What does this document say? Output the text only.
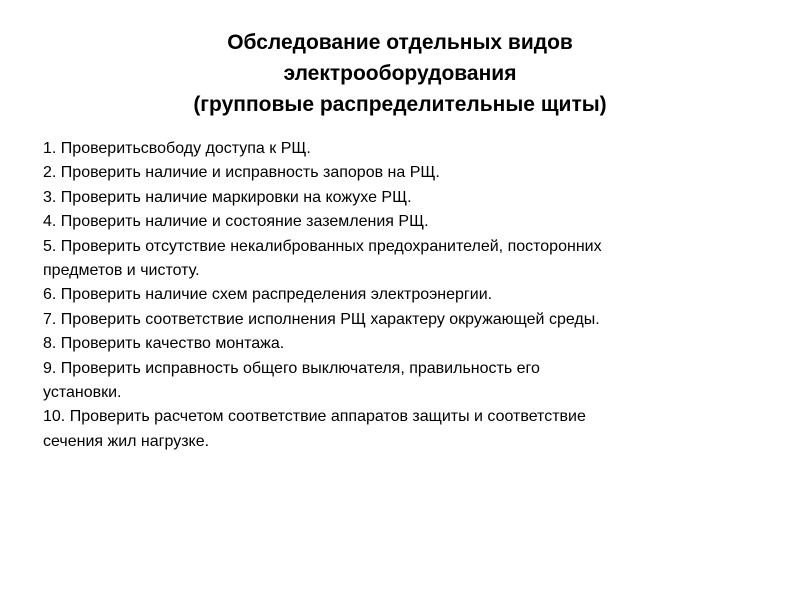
Обследование отдельных видов
электрооборудования
(групповые распределительные щиты)
1. Проверитьсвободу доступа к РЩ.
2. Проверить наличие и исправность запоров на РЩ.
3. Проверить наличие маркировки на кожухе РЩ.
4. Проверить наличие и состояние заземления РЩ.
5. Проверить отсутствие некалиброванных предохранителей, посторонних
предметов и чистоту.
6. Проверить наличие схем распределения электроэнергии.
7. Проверить соответствие исполнения РЩ характеру окружающей среды.
8. Проверить качество монтажа.
9. Проверить исправность общего выключателя, правильность его
установки.
10. Проверить расчетом соответствие аппаратов защиты и соответствие
сечения жил нагрузке.
